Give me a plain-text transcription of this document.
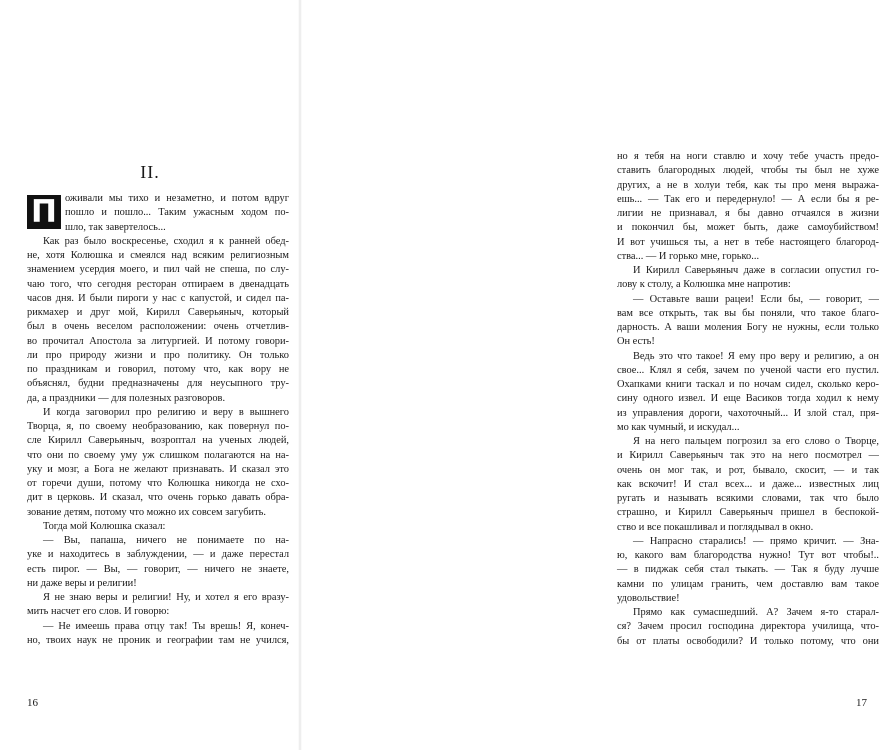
II.
П оживали мы тихо и незаметно, и потом вдруг
пошло и пошло... Таким ужасным ходом по-
шло, так завертелось...
Как раз было воскресенье, сходил я к ранней обед-
не, хотя Колюшка и смеялся над всяким религиозным
знамением усердия моего, и пил чай не спеша, по слу-
чаю того, что сегодня ресторан отпираем в двенадцать
часов дня. И были пироги у нас с капустой, и сидел па-
рикмахер и друг мой, Кирилл Саверьяныч, который
был в очень веселом расположении: очень отчетлив-
во прочитал Апостола за литургией. И потому говори-
ли про природу жизни и про политику. Он только
по праздникам и говорил, потому что, как вору не
объяснял, будни предназначены для неусыпного тру-
да, а праздники — для полезных разговоров.
И когда заговорил про религию и веру в вышнего
Творца, я, по своему необразованию, как повернул по-
сле Кирилл Саверьяныч, возроптал на ученых людей,
что они по своему уму уж слишком полагаются на на-
уку и мозг, а Бога не желают признавать. И сказал это
от горечи души, потому что Колюшка никогда не схо-
дит в церковь. И сказал, что очень горько давать обра-
зование детям, потому что можно их совсем загубить.
Тогда мой Колюшка сказал:
— Вы, папаша, ничего не понимаете по на-
уке и находитесь в заблуждении, — и даже перестал
есть пирог. — Вы, — говорит, — ничего не знаете,
ни даже веры и религии!
Я не знаю веры и религии! Ну, и хотел я его вразу-
мить насчет его слов. И говорю:
— Не имеешь права отцу так! Ты врешь! Я, конеч-
но, твоих наук не проник и географии там не учился,
16
но я тебя на ноги ставлю и хочу тебе участь предо-
ставить благородных людей, чтобы ты был не хуже
других, а не в холуи тебя, как ты про меня выража-
ешь... — Так его и передернуло! — А если бы я ре-
лигии не признавал, я бы давно отчаялся в жизни
и покончил бы, может быть, даже самоубийством!
И вот учишься ты, а нет в тебе настоящего благород-
ства... — И горько мне, горько...
И Кирилл Саверьяныч даже в согласии опустил го-
лову к столу, а Колюшка мне напротив:
— Оставьте ваши рацеи! Если бы, — говорит, —
вам все открыть, так вы бы поняли, что такое благо-
дарность. А ваши моления Богу не нужны, если только
Он есть!
Ведь это что такое! Я ему про веру и религию, а он
свое... Клял я себя, зачем по ученой части его пустил.
Охапками книги таскал и по ночам сидел, сколько керо-
сину одного извел. И еще Васиков тогда ходил к нему
из управления дороги, чахоточный... И злой стал, пря-
мо как чумный, и искудал...
Я на него пальцем погрозил за его слово о Творце,
и Кирилл Саверьяныч так это на него посмотрел —
очень он мог так, и рот, бывало, скосит, — и так
как вскочит! И стал всех... и даже... известных лиц
ругать и называть всякими словами, так что было
страшно, и Кирилл Саверьяныч пришел в беспокой-
ство и все покашливал и поглядывал в окно.
— Напрасно старались! — прямо кричит. — Зна-
ю, какого вам благородства нужно! Тут вот чтобы!..
— в пиджак себя стал тыкать. — Так я буду лучше
камни по улицам гранить, чем доставлю вам такое
удовольствие!
Прямо как сумасшедший. А? Зачем я-то старал-
ся? Зачем просил господина директора училища, что-
бы от платы освободили? И только потому, что они
17
